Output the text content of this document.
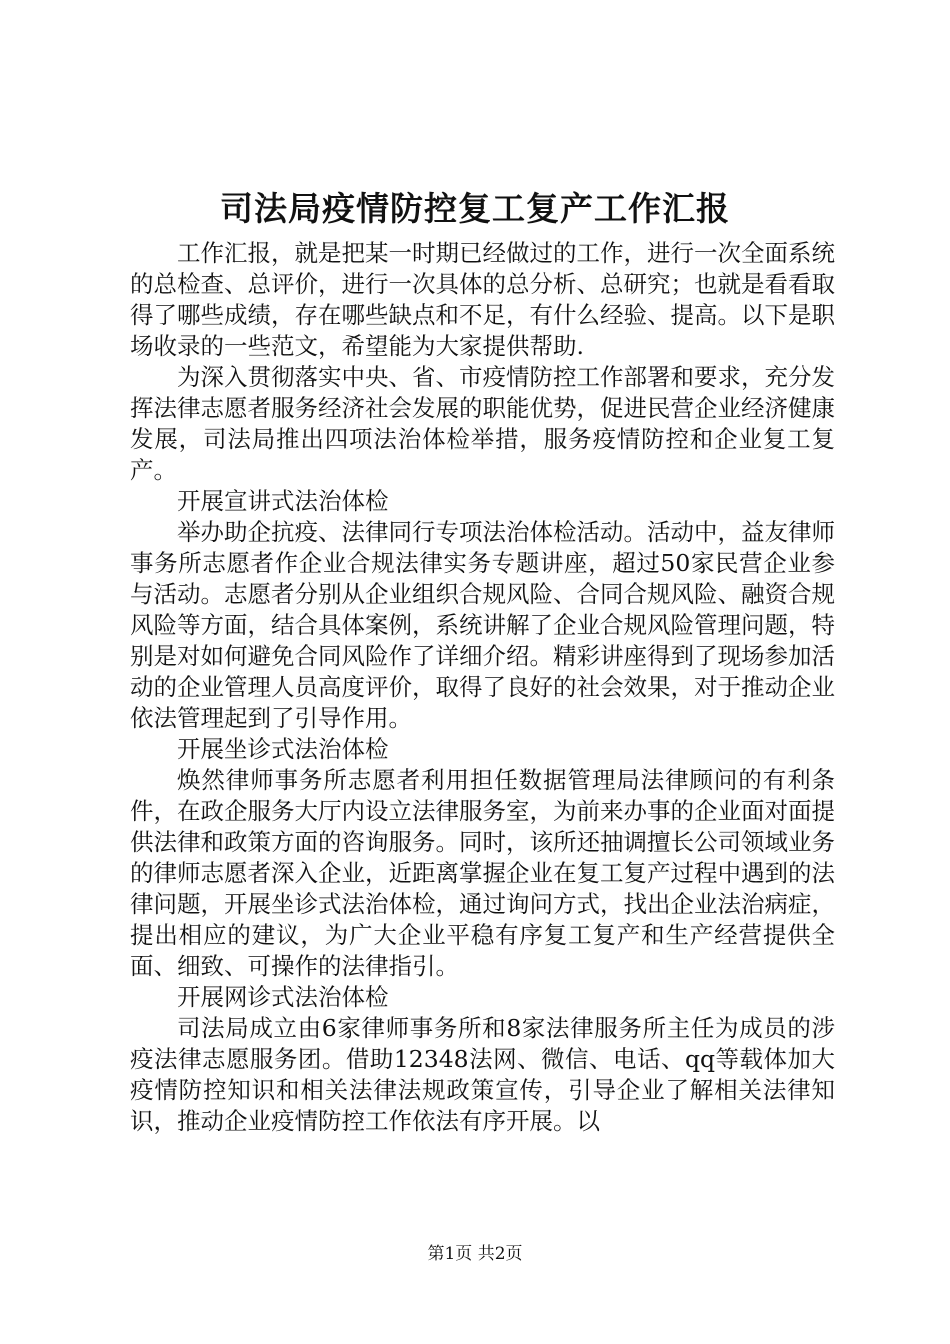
司法局疫情防控复工复产工作汇报

工作汇报，就是把某一时期已经做过的工作，进行一次全面系统的总检查、总评价，进行一次具体的总分析、总研究；也就是看看取得了哪些成绩，存在哪些缺点和不足，有什么经验、提高。以下是职场收录的一些范文，希望能为大家提供帮助.

为深入贯彻落实中央、省、市疫情防控工作部署和要求，充分发挥法律志愿者服务经济社会发展的职能优势，促进民营企业经济健康发展，司法局推出四项法治体检举措，服务疫情防控和企业复工复产。

开展宣讲式法治体检

举办助企抗疫、法律同行专项法治体检活动。活动中，益友律师事务所志愿者作企业合规法律实务专题讲座，超过50家民营企业参与活动。志愿者分别从企业组织合规风险、合同合规风险、融资合规风险等方面，结合具体案例，系统讲解了企业合规风险管理问题，特别是对如何避免合同风险作了详细介绍。精彩讲座得到了现场参加活动的企业管理人员高度评价，取得了良好的社会效果，对于推动企业依法管理起到了引导作用。

开展坐诊式法治体检

焕然律师事务所志愿者利用担任数据管理局法律顾问的有利条件，在政企服务大厅内设立法律服务室，为前来办事的企业面对面提供法律和政策方面的咨询服务。同时，该所还抽调擅长公司领域业务的律师志愿者深入企业，近距离掌握企业在复工复产过程中遇到的法律问题，开展坐诊式法治体检，通过询问方式，找出企业法治病症，提出相应的建议，为广大企业平稳有序复工复产和生产经营提供全面、细致、可操作的法律指引。

开展网诊式法治体检

司法局成立由6家律师事务所和8家法律服务所主任为成员的涉疫法律志愿服务团。借助12348法网、微信、电话、qq等载体加大疫情防控知识和相关法律法规政策宣传，引导企业了解相关法律知识，推动企业疫情防控工作依法有序开展。以

第1页 共2页
